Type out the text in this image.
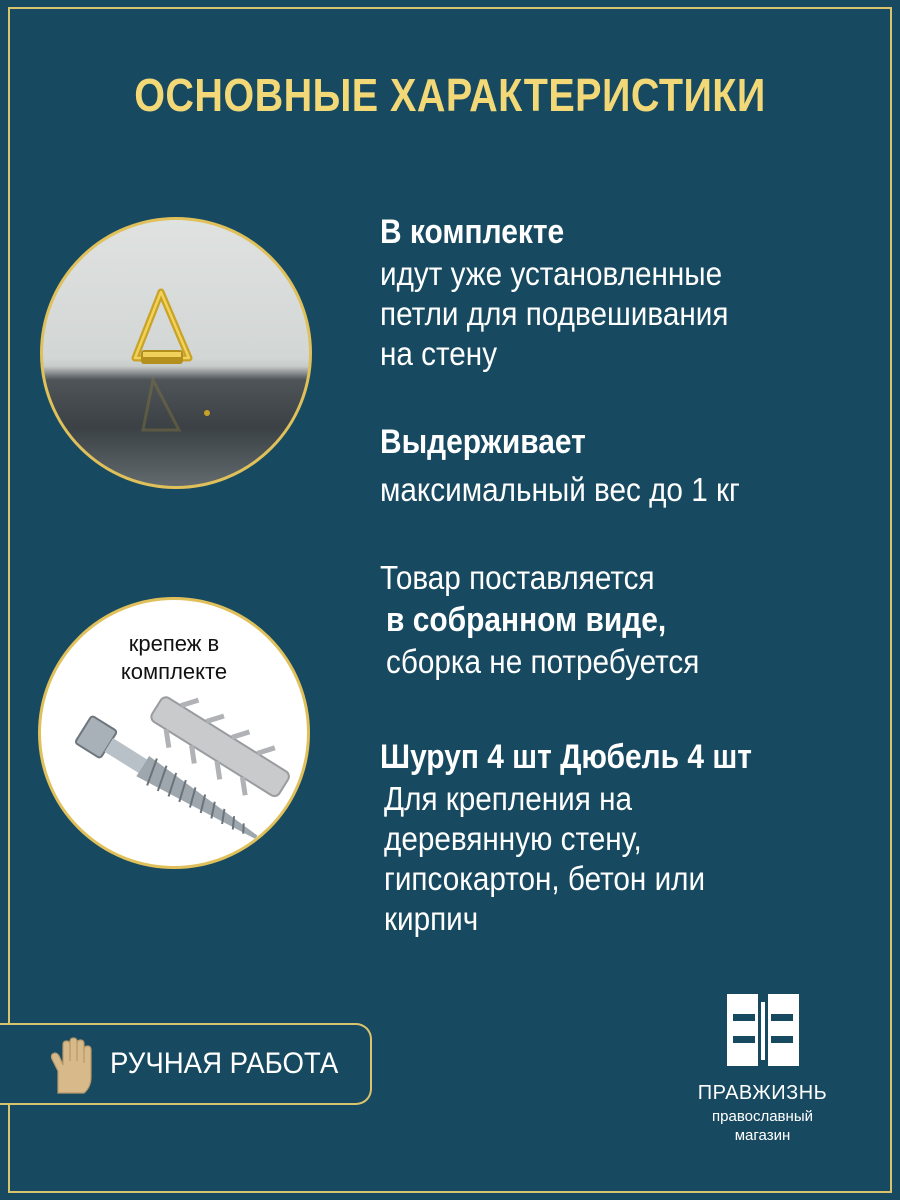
ОСНОВНЫЕ ХАРАКТЕРИСТИКИ
крепеж в
комплекте
В комплекте
идут уже установленные
петли для подвешивания
на стену
Выдерживает
максимальный вес до 1 кг
Товар поставляется
в собранном виде,
сборка не потребуется
Шуруп 4 шт Дюбель 4 шт
Для крепления на
деревянную стену,
гипсокартон, бетон или
кирпич
РУЧНАЯ РАБОТА
ПРАВЖИЗНЬ
православный
магазин
